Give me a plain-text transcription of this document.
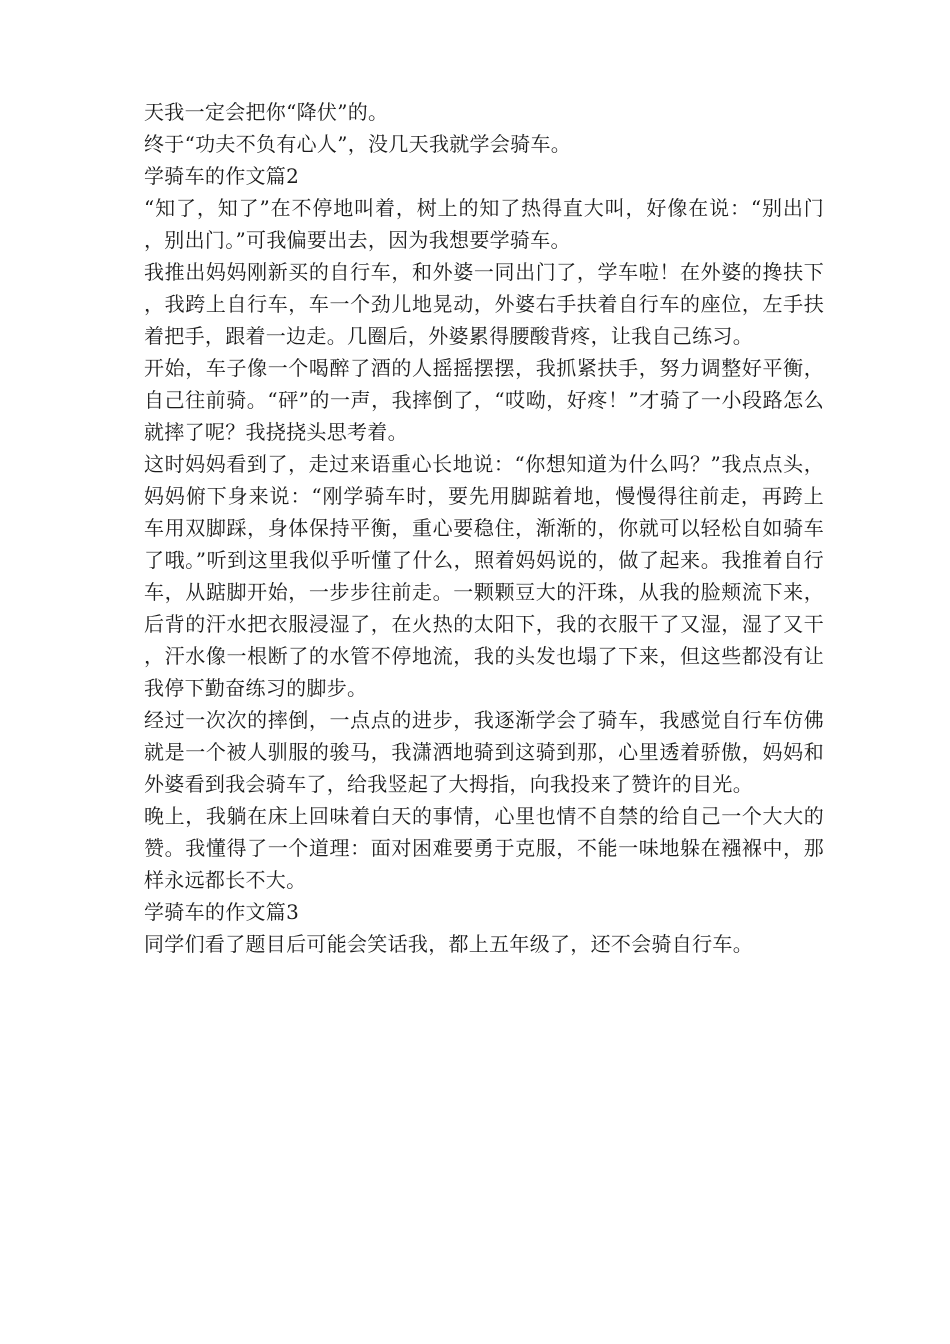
天我一定会把你“降伏”的。

终于“功夫不负有心人”，没几天我就学会骑车。

学骑车的作文篇2

“知了，知了”在不停地叫着，树上的知了热得直大叫，好像在说：“别出门，别出门。”可我偏要出去，因为我想要学骑车。

我推出妈妈刚新买的自行车，和外婆一同出门了，学车啦！在外婆的搀扶下，我跨上自行车，车一个劲儿地晃动，外婆右手扶着自行车的座位，左手扶着把手，跟着一边走。几圈后，外婆累得腰酸背疼，让我自己练习。

开始，车子像一个喝醉了酒的人摇摇摆摆，我抓紧扶手，努力调整好平衡，自己往前骑。“砰”的一声，我摔倒了，“哎呦，好疼！”才骑了一小段路怎么就摔了呢？我挠挠头思考着。

这时妈妈看到了，走过来语重心长地说：“你想知道为什么吗？”我点点头，妈妈俯下身来说：“刚学骑车时，要先用脚踮着地，慢慢得往前走，再跨上车用双脚踩，身体保持平衡，重心要稳住，渐渐的，你就可以轻松自如骑车了哦。”听到这里我似乎听懂了什么，照着妈妈说的，做了起来。我推着自行车，从踮脚开始，一步步往前走。一颗颗豆大的汗珠，从我的脸颊流下来，后背的汗水把衣服浸湿了，在火热的太阳下，我的衣服干了又湿，湿了又干，汗水像一根断了的水管不停地流，我的头发也塌了下来，但这些都没有让我停下勤奋练习的脚步。

经过一次次的摔倒，一点点的进步，我逐渐学会了骑车，我感觉自行车仿佛就是一个被人驯服的骏马，我潇洒地骑到这骑到那，心里透着骄傲，妈妈和外婆看到我会骑车了，给我竖起了大拇指，向我投来了赞许的目光。

晚上，我躺在床上回味着白天的事情，心里也情不自禁的给自己一个大大的赞。我懂得了一个道理：面对困难要勇于克服，不能一味地躲在襁褓中，那样永远都长不大。

学骑车的作文篇3

同学们看了题目后可能会笑话我，都上五年级了，还不会骑自行车。
